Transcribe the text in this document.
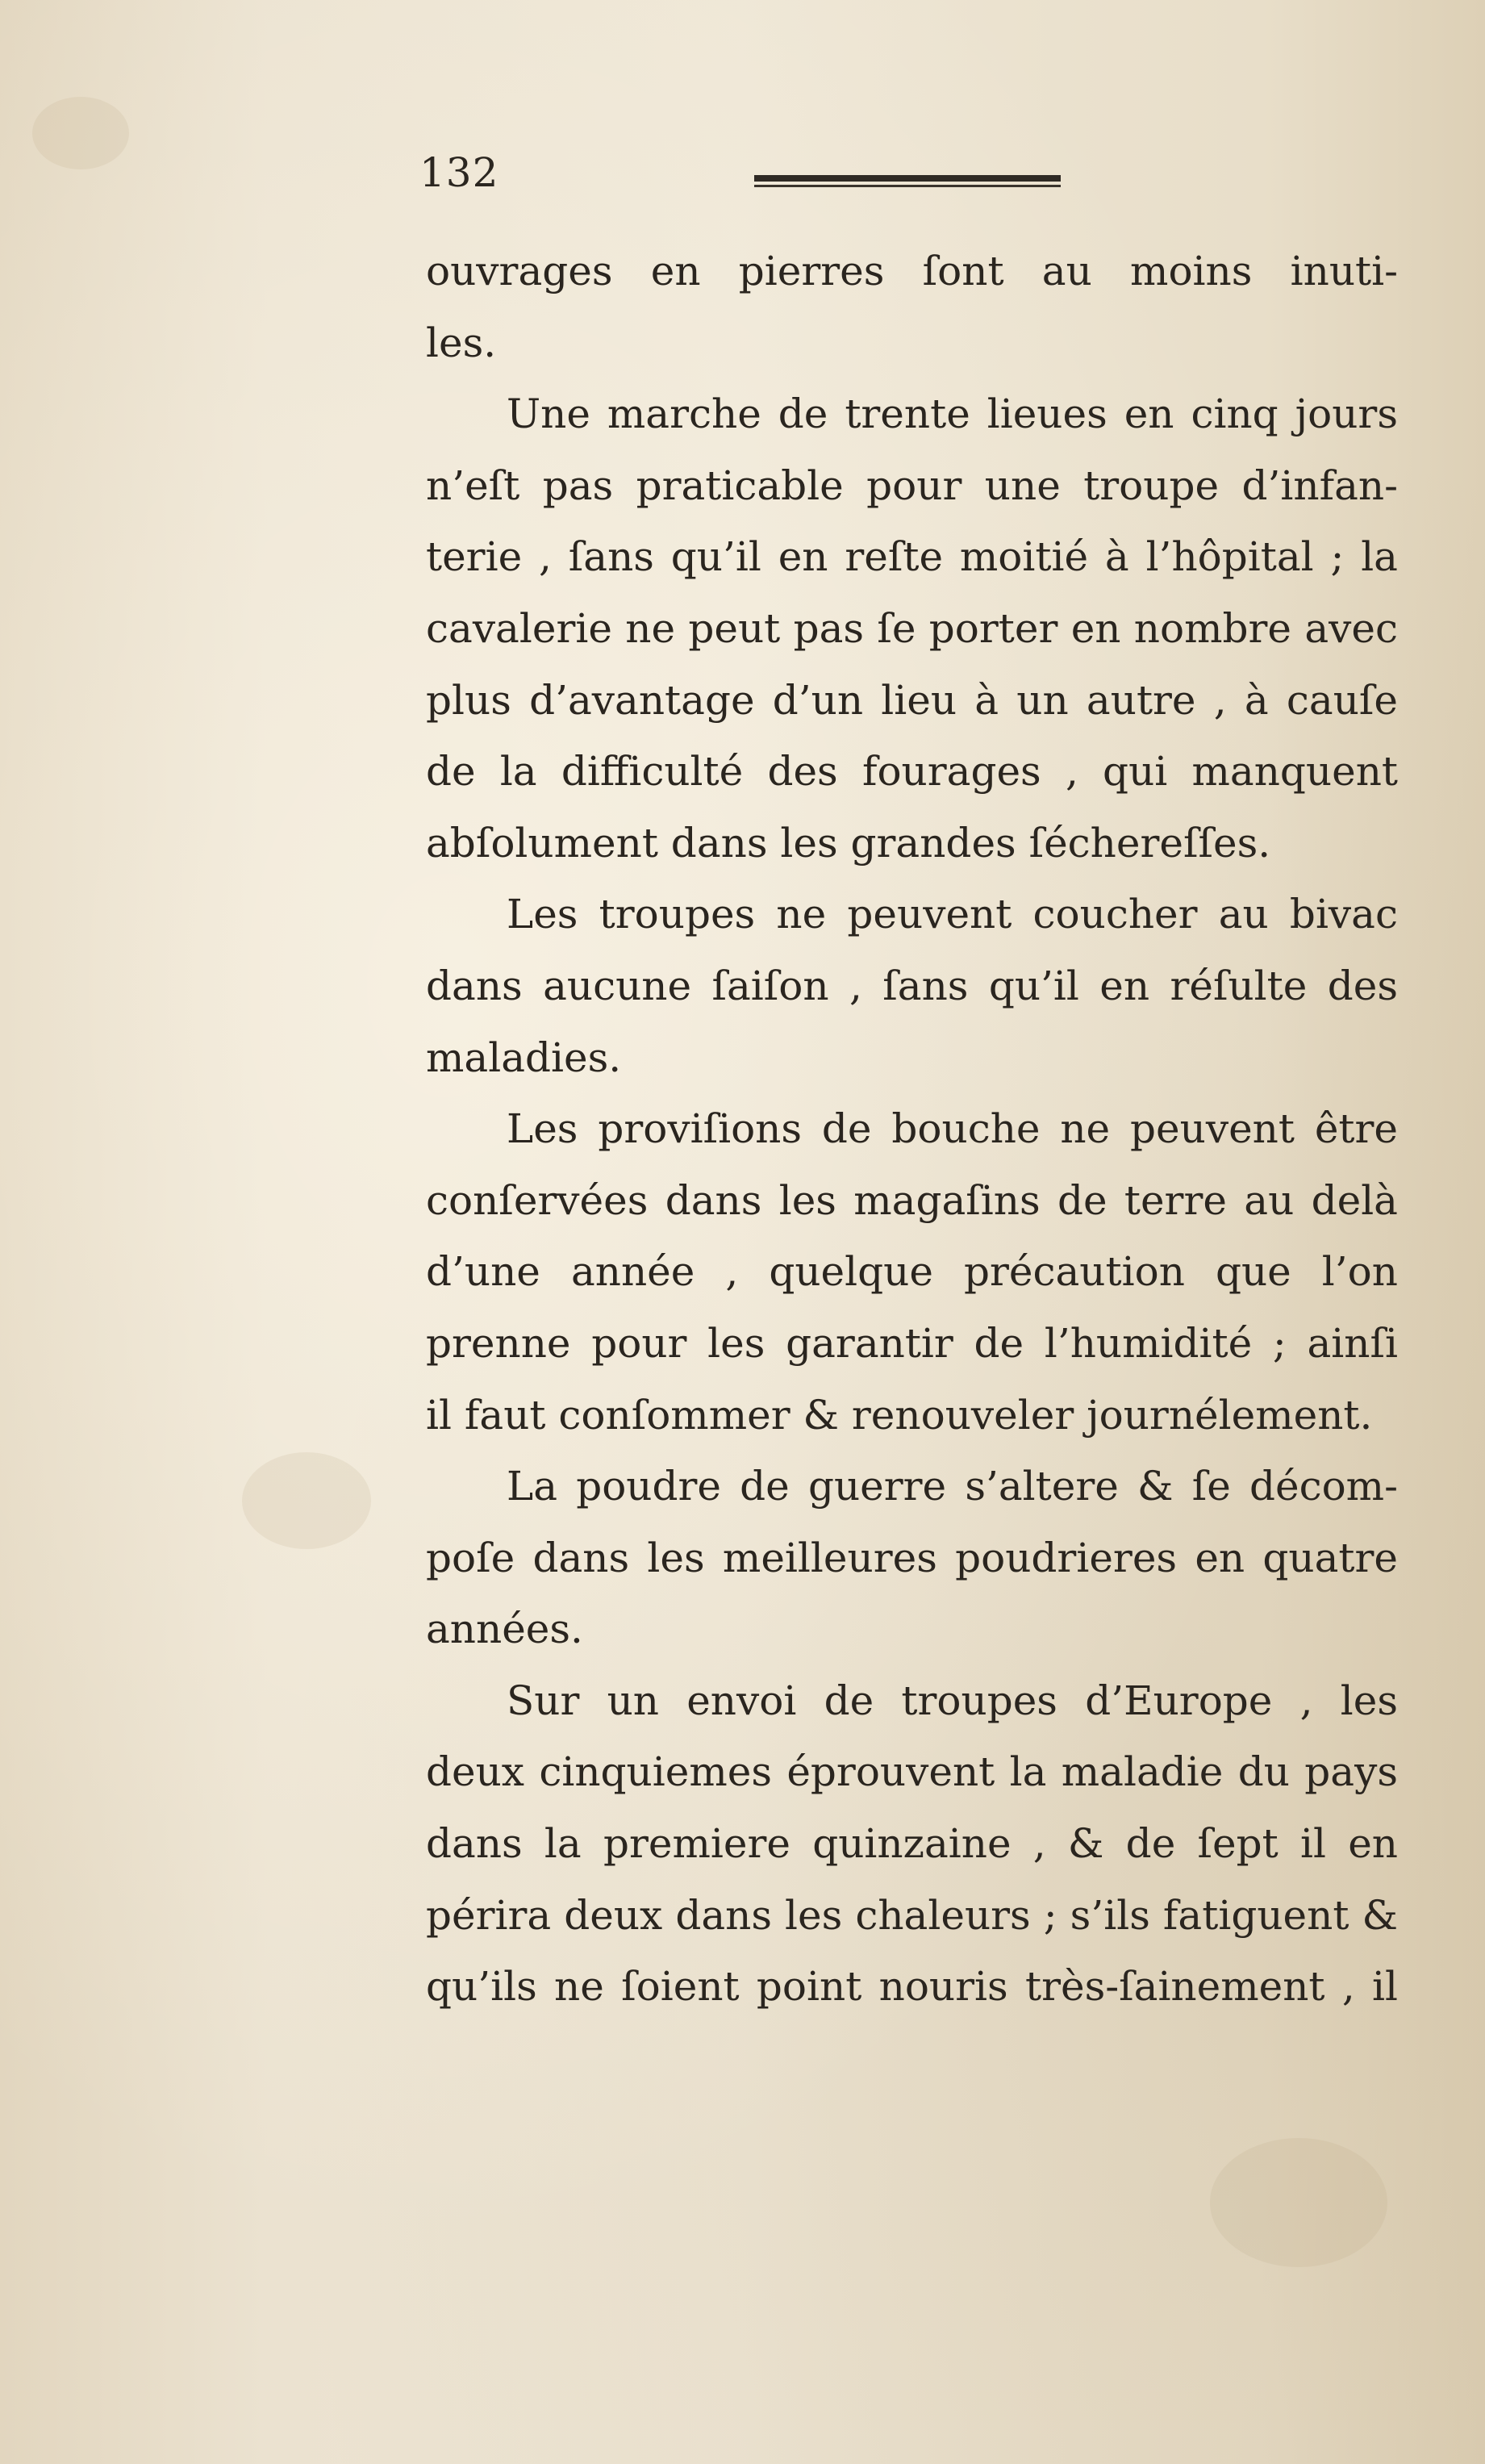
132
ouvrages en pierres ſont au moins inuti-
les.
Une marche de trente lieues en cinq jours
n’eſt pas praticable pour une troupe d’infan-
terie , ſans qu’il en reſte moitié à l’hôpital ; la
cavalerie ne peut pas ſe porter en nombre avec
plus d’avantage d’un lieu à un autre , à cauſe
de la difficulté des fourages , qui manquent
abſolument dans les grandes ſéchereſſes.
Les troupes ne peuvent coucher au bivac
dans aucune ſaiſon , ſans qu’il en réſulte des
maladies.
Les proviſions de bouche ne peuvent être
conſervées dans les magaſins de terre au delà
d’une année , quelque précaution que l’on
prenne pour les garantir de l’humidité ; ainſi
il faut conſommer & renouveler journélement.
La poudre de guerre s’altere & ſe décom-
poſe dans les meilleures poudrieres en quatre
années.
Sur un envoi de troupes d’Europe , les
deux cinquiemes éprouvent la maladie du pays
dans la premiere quinzaine , & de ſept il en
périra deux dans les chaleurs ; s’ils fatiguent &
qu’ils ne ſoient point nouris très-ſainement , il
